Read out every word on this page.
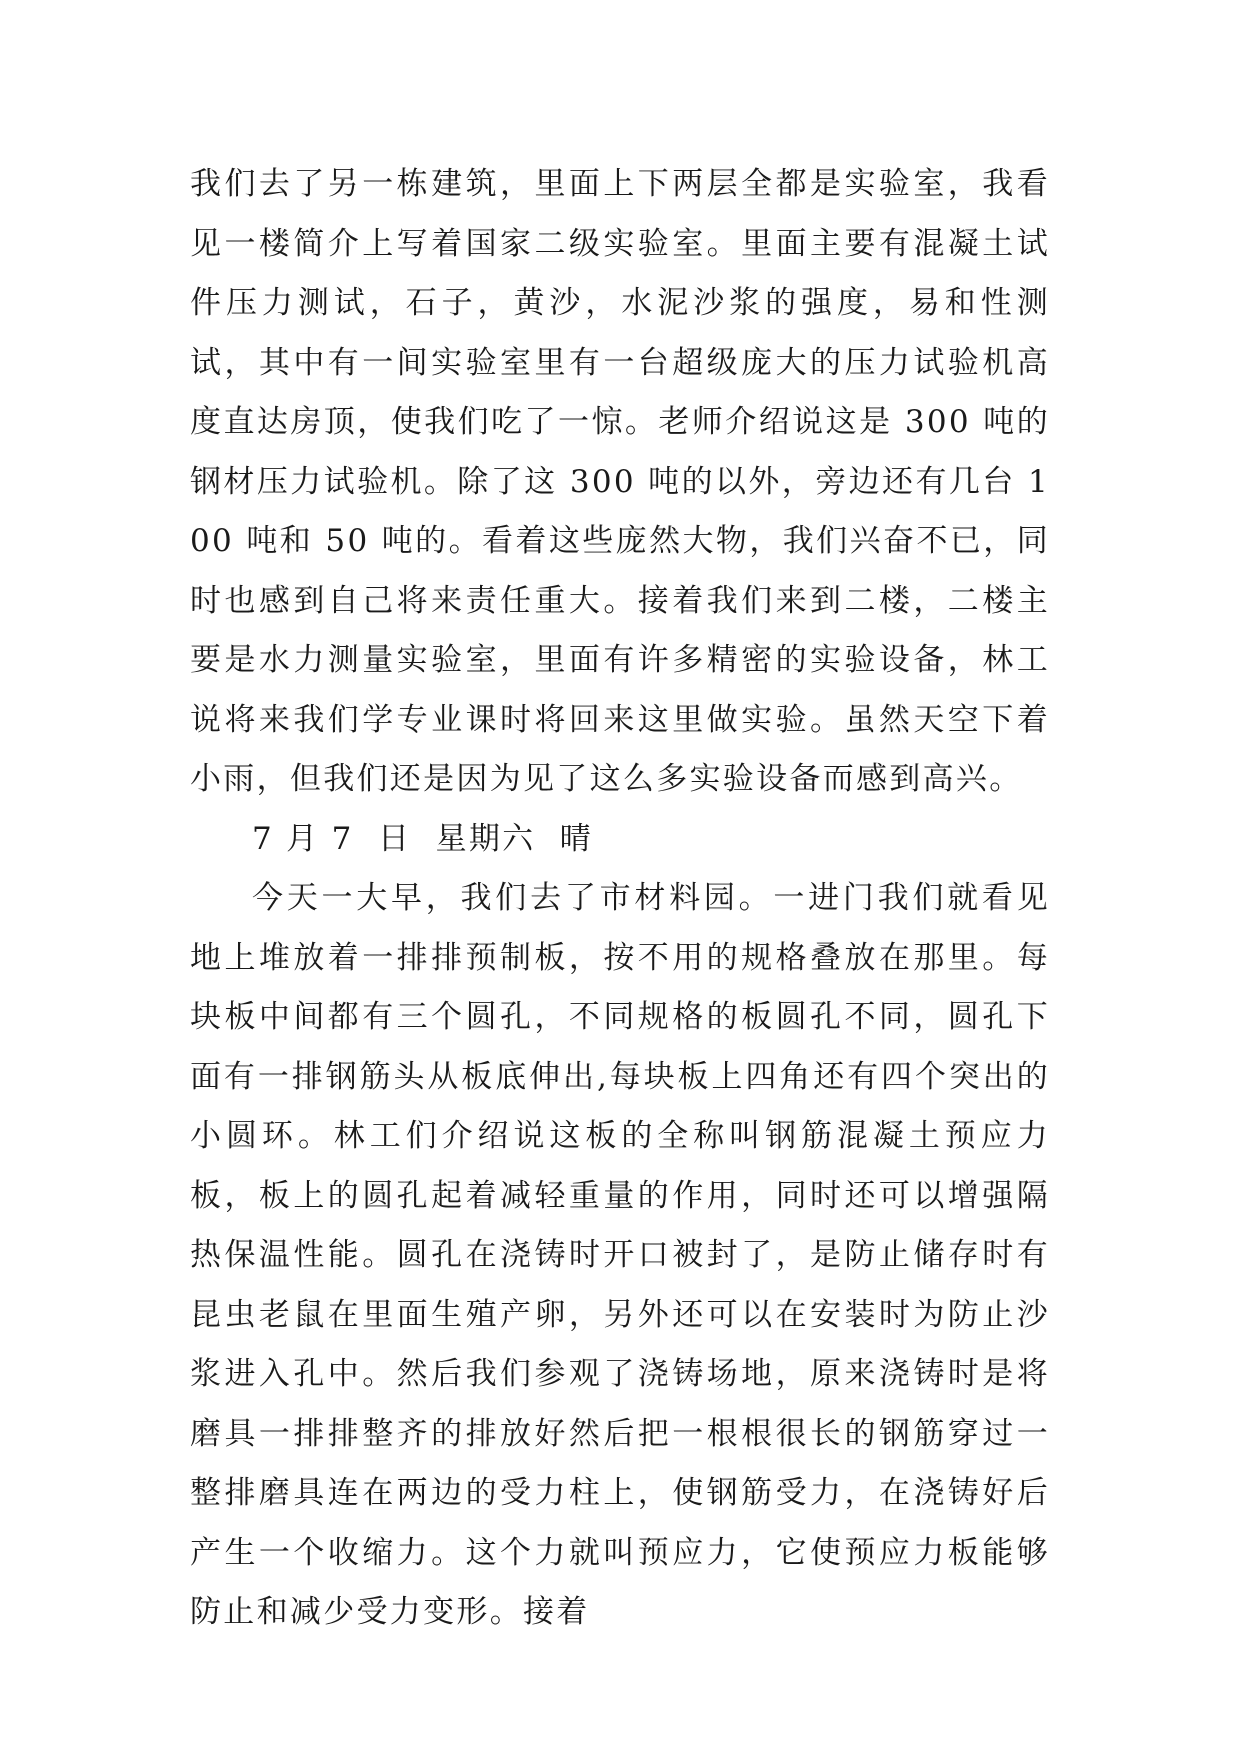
我们去了另一栋建筑，里面上下两层全都是实验室，我看见一楼简介上写着国家二级实验室。里面主要有混凝土试件压力测试，石子，黄沙，水泥沙浆的强度，易和性测试，其中有一间实验室里有一台超级庞大的压力试验机高度直达房顶，使我们吃了一惊。老师介绍说这是 300 吨的钢材压力试验机。除了这 300 吨的以外，旁边还有几台 100 吨和 50 吨的。看着这些庞然大物，我们兴奋不已，同时也感到自己将来责任重大。接着我们来到二楼，二楼主要是水力测量实验室，里面有许多精密的实验设备，林工说将来我们学专业课时将回来这里做实验。虽然天空下着小雨，但我们还是因为见了这么多实验设备而感到高兴。

7 月 7  日  星期六  晴

今天一大早，我们去了市材料园。一进门我们就看见地上堆放着一排排预制板，按不用的规格叠放在那里。每块板中间都有三个圆孔，不同规格的板圆孔不同，圆孔下面有一排钢筋头从板底伸出,每块板上四角还有四个突出的小圆环。林工们介绍说这板的全称叫钢筋混凝土预应力板，板上的圆孔起着减轻重量的作用，同时还可以增强隔热保温性能。圆孔在浇铸时开口被封了，是防止储存时有昆虫老鼠在里面生殖产卵，另外还可以在安装时为防止沙浆进入孔中。然后我们参观了浇铸场地，原来浇铸时是将磨具一排排整齐的排放好然后把一根根很长的钢筋穿过一整排磨具连在两边的受力柱上，使钢筋受力，在浇铸好后产生一个收缩力。这个力就叫预应力，它使预应力板能够防止和减少受力变形。接着
